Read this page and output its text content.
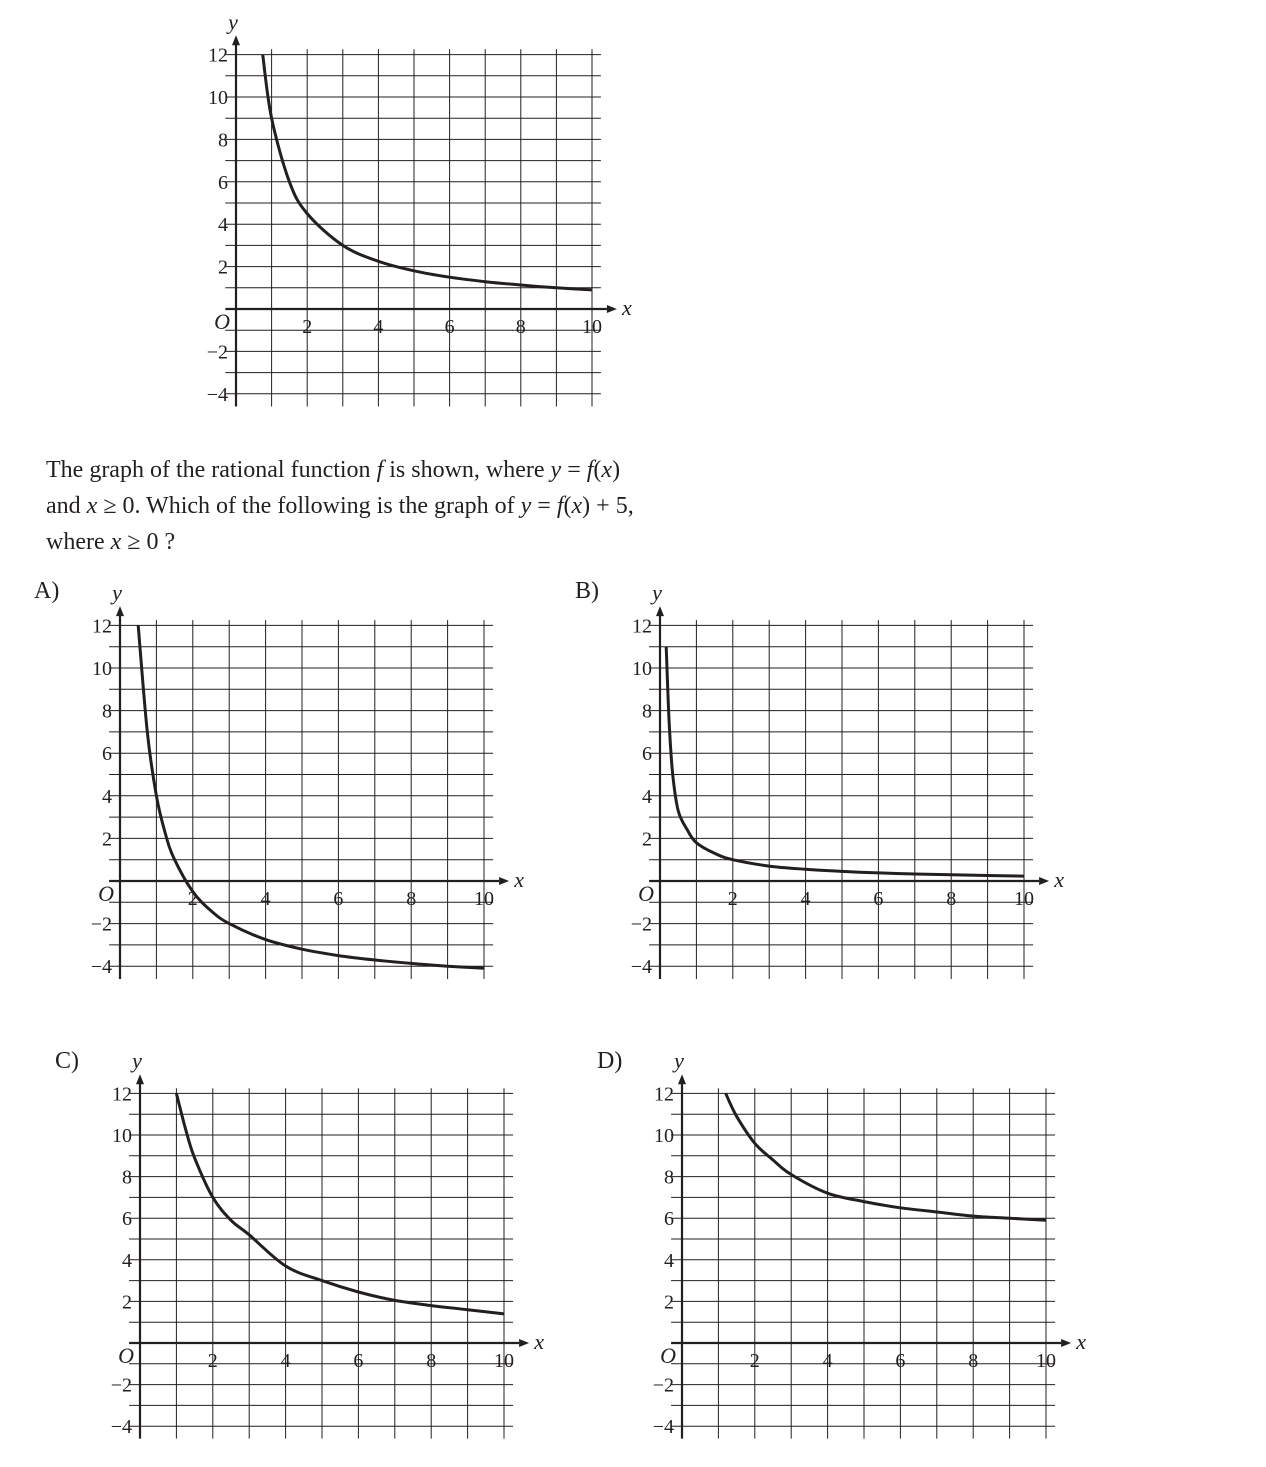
y
x
O	2	4	6	8	10
−4
−2
2
4
6
8
10
12

The graph of the rational function f is shown, where y = f(x)
and x ≥ 0. Which of the following is the graph of y = f(x) + 5,
where x ≥ 0 ?

A) y
x
O	2	4	6	8	10
−4
−2
2
4
6
8
10
12
B) y
x
O	2	4	6	8	10
−4
−2
2
4
6
8
10
12
C) y
x
O	2	4	6	8	10
−4
−2
2
4
6
8
10
12
D) y
x
O	2	4	6	8	10
−4
−2
2
4
6
8
10
12
